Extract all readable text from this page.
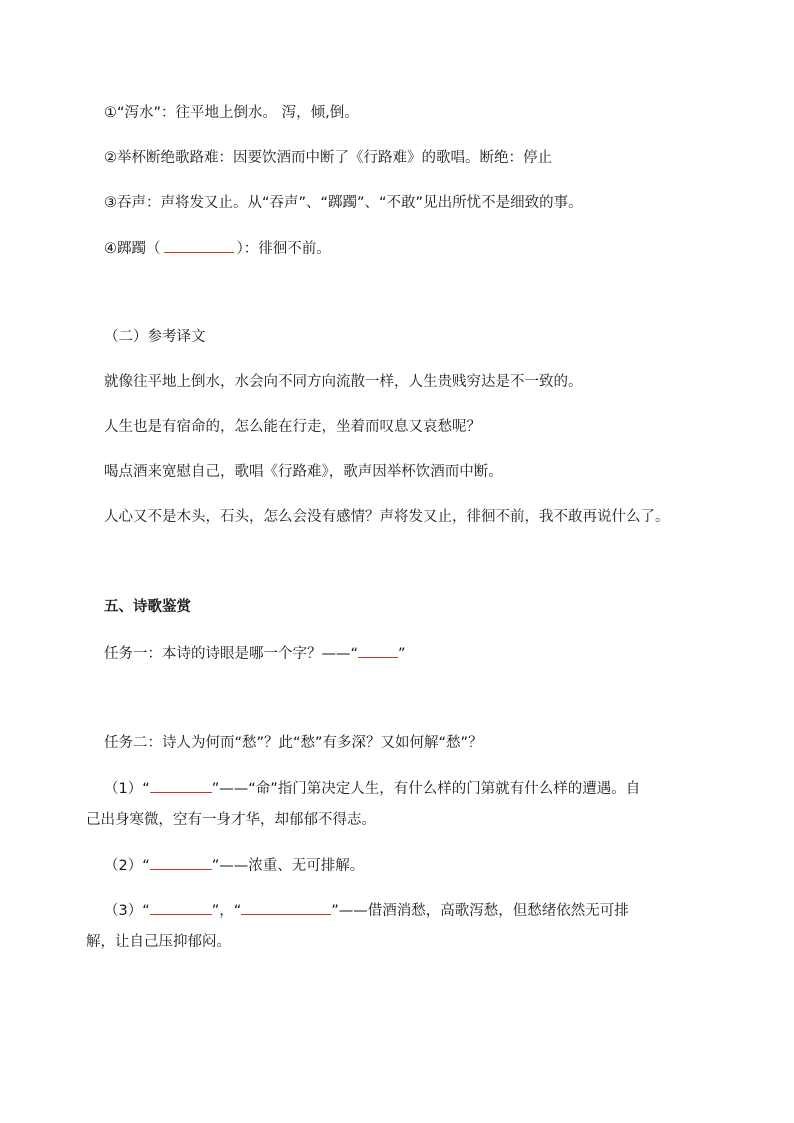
①“泻水”：往平地上倒水。 泻，倾,倒。
②举杯断绝歌路难：因要饮酒而中断了《行路难》的歌唱。断绝：停止
③吞声：声将发又止。从“吞声”、“踯躅”、“不敢”见出所忧不是细致的事。
④踯躅（	）：徘徊不前。
（二）参考译文
就像往平地上倒水，水会向不同方向流散一样，人生贵贱穷达是不一致的。
人生也是有宿命的，怎么能在行走，坐着而叹息又哀愁呢？
喝点酒来宽慰自己，歌唱《行路难》，歌声因举杯饮酒而中断。
人心又不是木头，石头，怎么会没有感情？声将发又止，徘徊不前，我不敢再说什么了。
五、诗歌鉴赏
任务一：本诗的诗眼是哪一个字？——“	”
任务二：诗人为何而“愁”？此“愁”有多深？又如何解“愁”？
（1）“	”——“命”指门第决定人生，有什么样的门第就有什么样的遭遇。自
己出身寒微，空有一身才华，却郁郁不得志。
（2）“	”——浓重、无可排解。
（3）“	”，“	”——借酒消愁，高歌泻愁，但愁绪依然无可排
解，让自己压抑郁闷。
